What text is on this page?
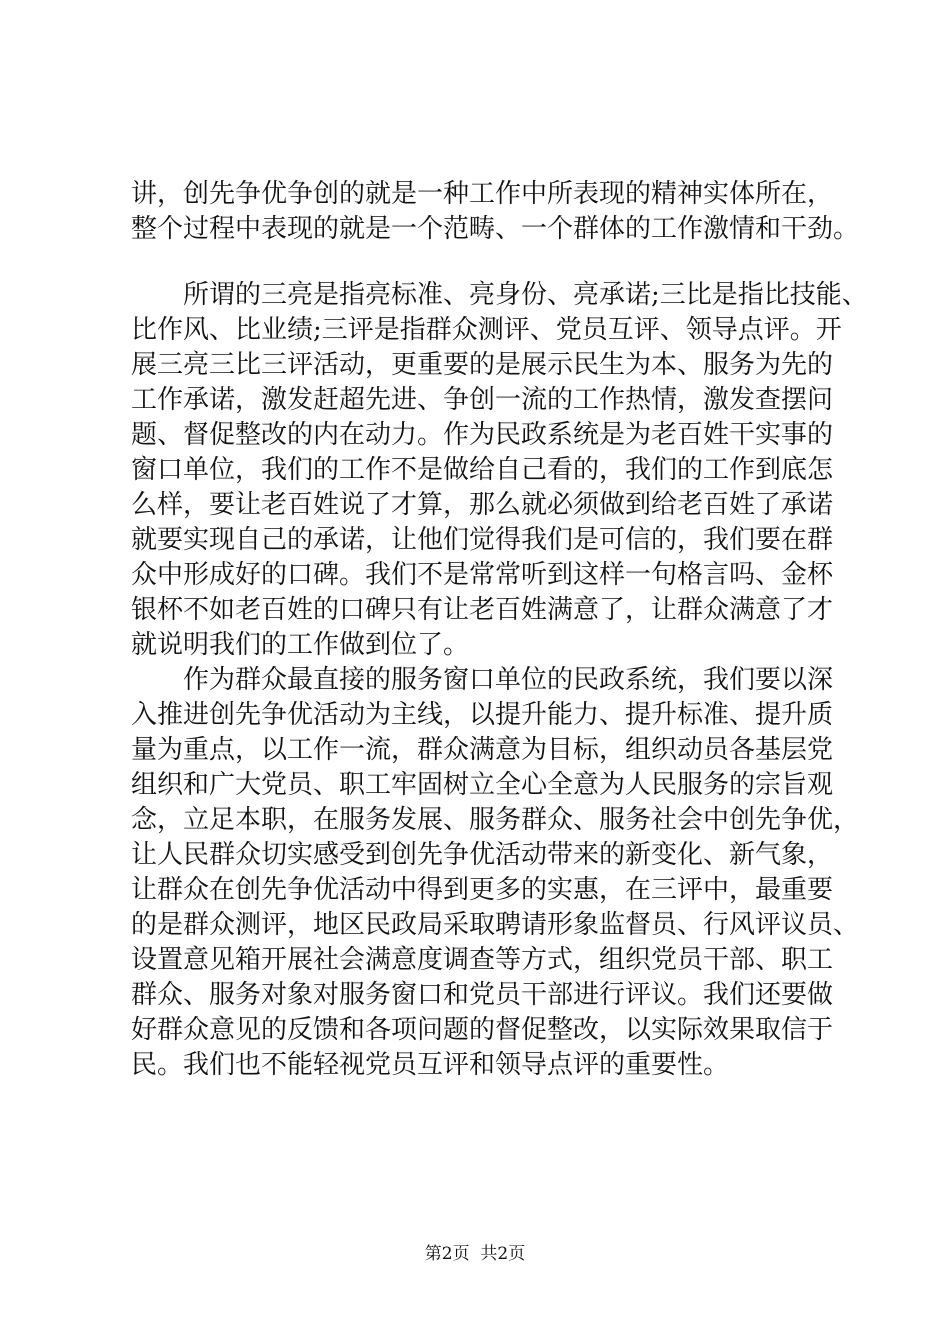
讲，创先争优争创的就是一种工作中所表现的精神实体所在，
整个过程中表现的就是一个范畴、一个群体的工作激情和干劲。
所谓的三亮是指亮标准、亮身份、亮承诺;三比是指比技能、
比作风、比业绩;三评是指群众测评、党员互评、领导点评。开
展三亮三比三评活动，更重要的是展示民生为本、服务为先的
工作承诺，激发赶超先进、争创一流的工作热情，激发查摆问
题、督促整改的内在动力。作为民政系统是为老百姓干实事的
窗口单位，我们的工作不是做给自己看的，我们的工作到底怎
么样，要让老百姓说了才算，那么就必须做到给老百姓了承诺
就要实现自己的承诺，让他们觉得我们是可信的，我们要在群
众中形成好的口碑。我们不是常常听到这样一句格言吗、金杯
银杯不如老百姓的口碑只有让老百姓满意了，让群众满意了才
就说明我们的工作做到位了。
作为群众最直接的服务窗口单位的民政系统，我们要以深
入推进创先争优活动为主线，以提升能力、提升标准、提升质
量为重点，以工作一流，群众满意为目标，组织动员各基层党
组织和广大党员、职工牢固树立全心全意为人民服务的宗旨观
念，立足本职，在服务发展、服务群众、服务社会中创先争优，
让人民群众切实感受到创先争优活动带来的新变化、新气象，
让群众在创先争优活动中得到更多的实惠，在三评中，最重要
的是群众测评，地区民政局采取聘请形象监督员、行风评议员、
设置意见箱开展社会满意度调查等方式，组织党员干部、职工
群众、服务对象对服务窗口和党员干部进行评议。我们还要做
好群众意见的反馈和各项问题的督促整改，以实际效果取信于
民。我们也不能轻视党员互评和领导点评的重要性。
第2页  共2页
